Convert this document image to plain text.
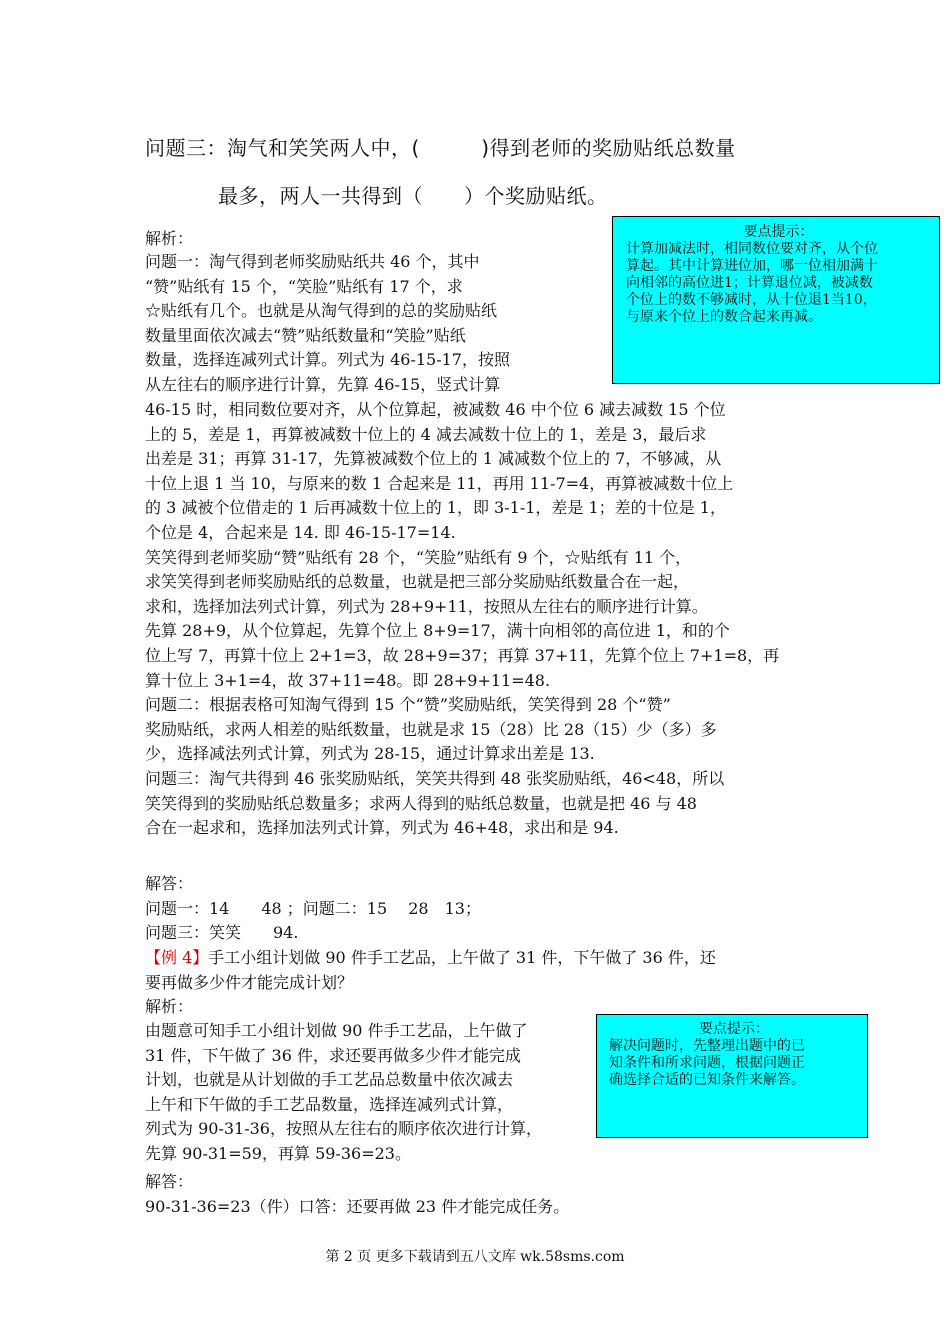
问题三：淘气和笑笑两人中，(　　　)得到老师的奖励贴纸总数量
最多，两人一共得到（　　）个奖励贴纸。
解析：	要点提示：
计算加减法时，相同数位要对齐，从个位
算起。其中计算进位加，哪一位相加满十
向相邻的高位进1；计算退位减，被减数
个位上的数不够减时，从十位退1当10，
与原来个位上的数合起来再减。
问题一：淘气得到老师奖励贴纸共 46 个，其中
“赞”贴纸有 15 个，“笑脸”贴纸有 17 个，求
☆贴纸有几个。也就是从淘气得到的总的奖励贴纸
数量里面依次减去“赞”贴纸数量和“笑脸”贴纸
数量，选择连减列式计算。列式为 46-15-17，按照
从左往右的顺序进行计算，先算 46-15，竖式计算
46-15 时，相同数位要对齐，从个位算起，被减数 46 中个位 6 减去减数 15 个位
上的 5，差是 1，再算被减数十位上的 4 减去减数十位上的 1，差是 3，最后求
出差是 31；再算 31-17，先算被减数个位上的 1 减减数个位上的 7，不够减，从
十位上退 1 当 10，与原来的数 1 合起来是 11，再用 11-7=4，再算被减数十位上
的 3 减被个位借走的 1 后再减数十位上的 1，即 3-1-1，差是 1；差的十位是 1，
个位是 4，合起来是 14. 即 46-15-17=14.
笑笑得到老师奖励“赞”贴纸有 28 个，“笑脸”贴纸有 9 个，☆贴纸有 11 个，
求笑笑得到老师奖励贴纸的总数量，也就是把三部分奖励贴纸数量合在一起，
求和，选择加法列式计算，列式为 28+9+11，按照从左往右的顺序进行计算。
先算 28+9，从个位算起，先算个位上 8+9=17，满十向相邻的高位进 1，和的个
位上写 7，再算十位上 2+1=3，故 28+9=37；再算 37+11，先算个位上 7+1=8，再
算十位上 3+1=4，故 37+11=48。即 28+9+11=48.
问题二：根据表格可知淘气得到 15 个“赞”奖励贴纸，笑笑得到 28 个“赞”
奖励贴纸，求两人相差的贴纸数量，也就是求 15（28）比 28（15）少（多）多
少，选择减法列式计算，列式为 28-15，通过计算求出差是 13.
问题三：淘气共得到 46 张奖励贴纸，笑笑共得到 48 张奖励贴纸，46<48，所以
笑笑得到的奖励贴纸总数量多；求两人得到的贴纸总数量，也就是把 46 与 48
合在一起求和，选择加法列式计算，列式为 46+48，求出和是 94.
解答：
问题一：14　　48 ；问题二：15　 28　13；
问题三：笑笑　　94.
【例 4】手工小组计划做 90 件手工艺品，上午做了 31 件，下午做了 36 件，还
要再做多少件才能完成计划？
解析：
要点提示：
解决问题时，先整理出题中的已
知条件和所求问题，根据问题正
确选择合适的已知条件来解答。
由题意可知手工小组计划做 90 件手工艺品，上午做了
31 件，下午做了 36 件，求还要再做多少件才能完成
计划，也就是从计划做的手工艺品总数量中依次减去
上午和下午做的手工艺品数量，选择连减列式计算，
列式为 90-31-36，按照从左往右的顺序依次进行计算，
先算 90-31=59，再算 59-36=23。
解答：
90-31-36=23（件）口答：还要再做 23 件才能完成任务。
第 2 页 更多下载请到五八文库 wk.58sms.com
